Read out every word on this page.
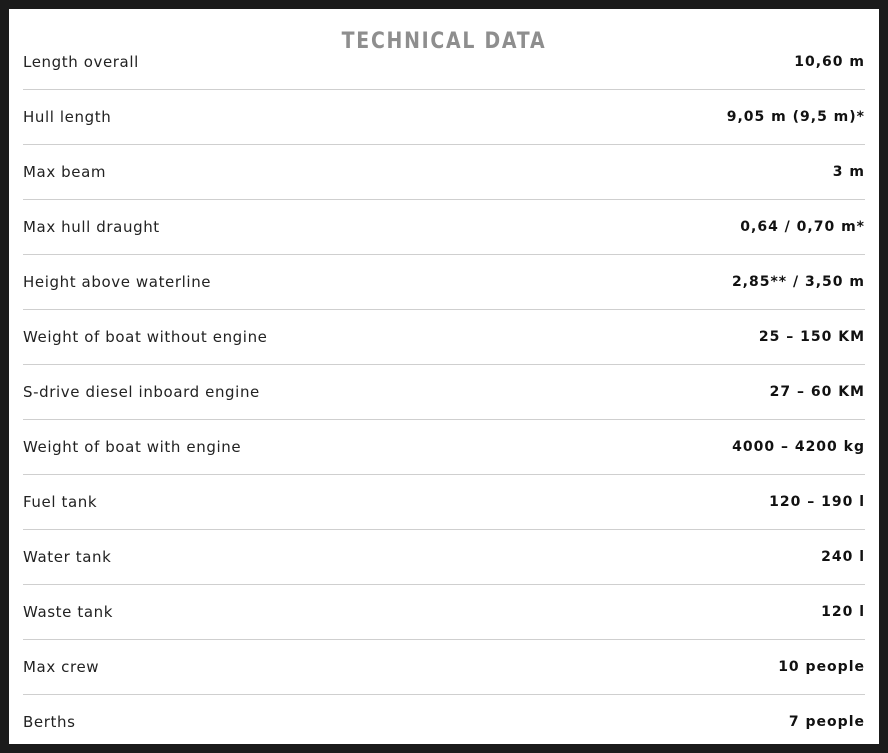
TECHNICAL DATA
Length overall	10,60 m
Hull length	9,05 m (9,5 m)*
Max beam	3 m
Max hull draught	0,64 / 0,70 m*
Height above waterline	2,85** / 3,50 m
Weight of boat without engine	25 – 150 KM
S-drive diesel inboard engine	27 – 60 KM
Weight of boat with engine	4000 – 4200 kg
Fuel tank	120 – 190 l
Water tank	240 l
Waste tank	120 l
Max crew	10 people
Berths	7 people
